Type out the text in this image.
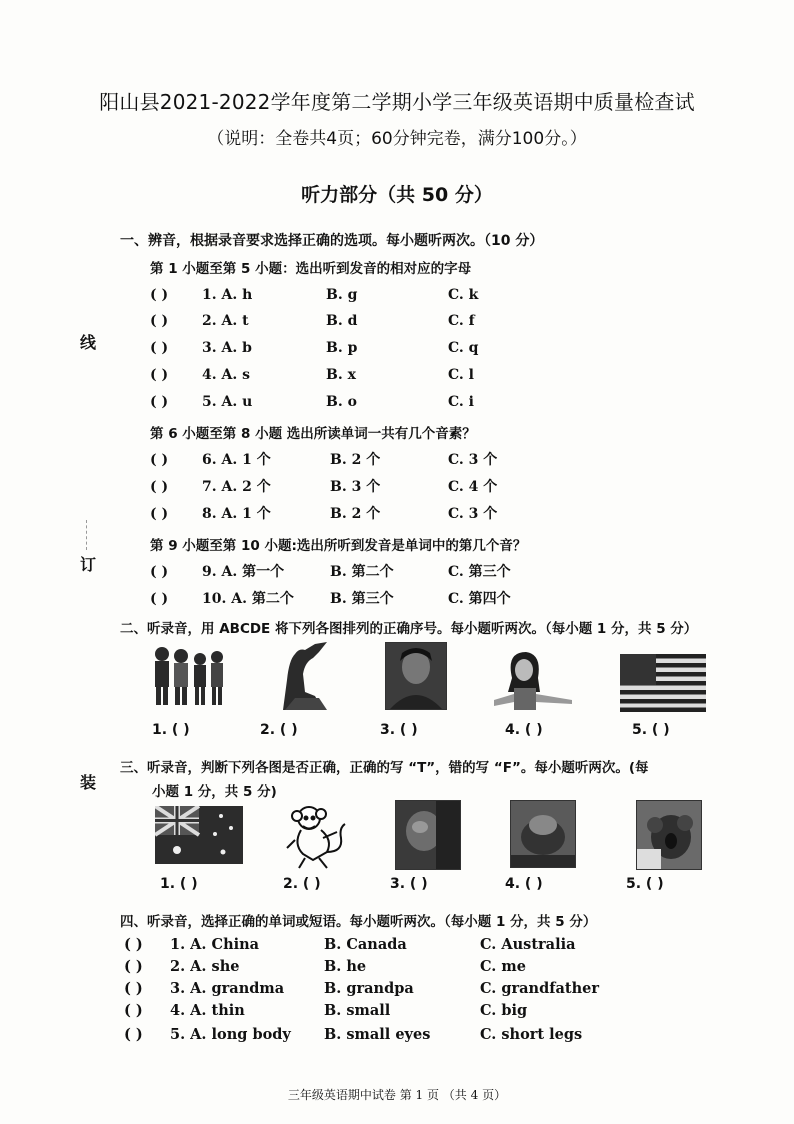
阳山县2021-2022学年度第二学期小学三年级英语期中质量检查试
（说明：全卷共4页；60分钟完卷，满分100分。）
听力部分（共 50 分）
线
订
装
一、辨音，根据录音要求选择正确的选项。每小题听两次。（10 分）
第 1 小题至第 5 小题：选出听到发音的相对应的字母
( ) 1. A. h	B. g	C. k
( ) 2. A. t	B. d	C. f
( ) 3. A. b	B. p	C. q
( ) 4. A. s	B. x	C. l
( ) 5. A. u	B. o	C. i
第 6 小题至第 8 小题 选出所读单词一共有几个音素？
( ) 6. A. 1 个	B. 2 个	C. 3 个
( ) 7. A. 2 个	B. 3 个	C. 4 个
( ) 8. A. 1 个	B. 2 个	C. 3 个
第 9 小题至第 10 小题:选出所听到发音是单词中的第几个音？
( ) 9. A. 第一个	B. 第二个	C. 第三个
( ) 10. A. 第二个	B. 第三个	C. 第四个
二、听录音，用 ABCDE 将下列各图排列的正确序号。每小题听两次。（每小题 1 分，共 5 分）
1. ( )	2. ( )	3. ( )	4. ( )	5. ( )
三、听录音，判断下列各图是否正确，正确的写 “T”，错的写 “F”。每小题听两次。(每
小题 1 分，共 5 分)
1. ( )	2. ( )	3. ( )	4. ( )	5. ( )
四、听录音，选择正确的单词或短语。每小题听两次。（每小题 1 分，共 5 分）
( ) 1. A. China	B. Canada	C. Australia
( ) 2. A. she	B. he	C. me
( ) 3. A. grandma	B. grandpa	C. grandfather
( ) 4. A. thin	B. small	C. big
( ) 5. A. long body B. small eyes	C. short legs
三年级英语期中试卷 第 1 页 （共 4 页）
